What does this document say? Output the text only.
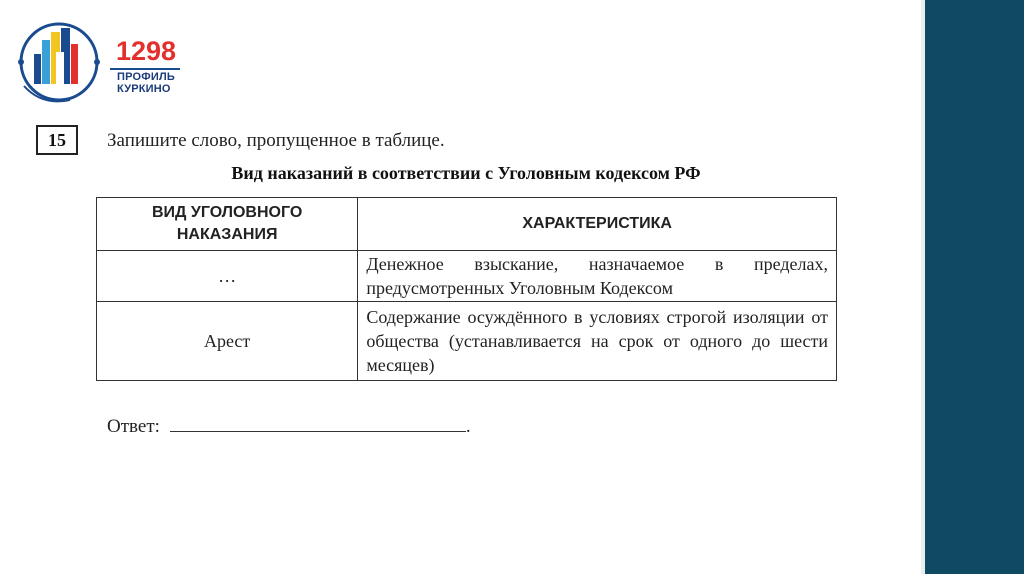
1298
ПРОФИЛЬ
КУРКИНО
15	Запишите слово, пропущенное в таблице.
Вид наказаний в соответствии с Уголовным кодексом РФ
ВИД УГОЛОВНОГО НАКАЗАНИЯ	ХАРАКТЕРИСТИКА
…	Денежное взыскание, назначаемое в пределах, предусмотренных Уголовным Кодексом
Арест	Содержание осуждённого в условиях строгой изоляции от общества (устанавливается на срок от одного до шести месяцев)
Ответ:	.
